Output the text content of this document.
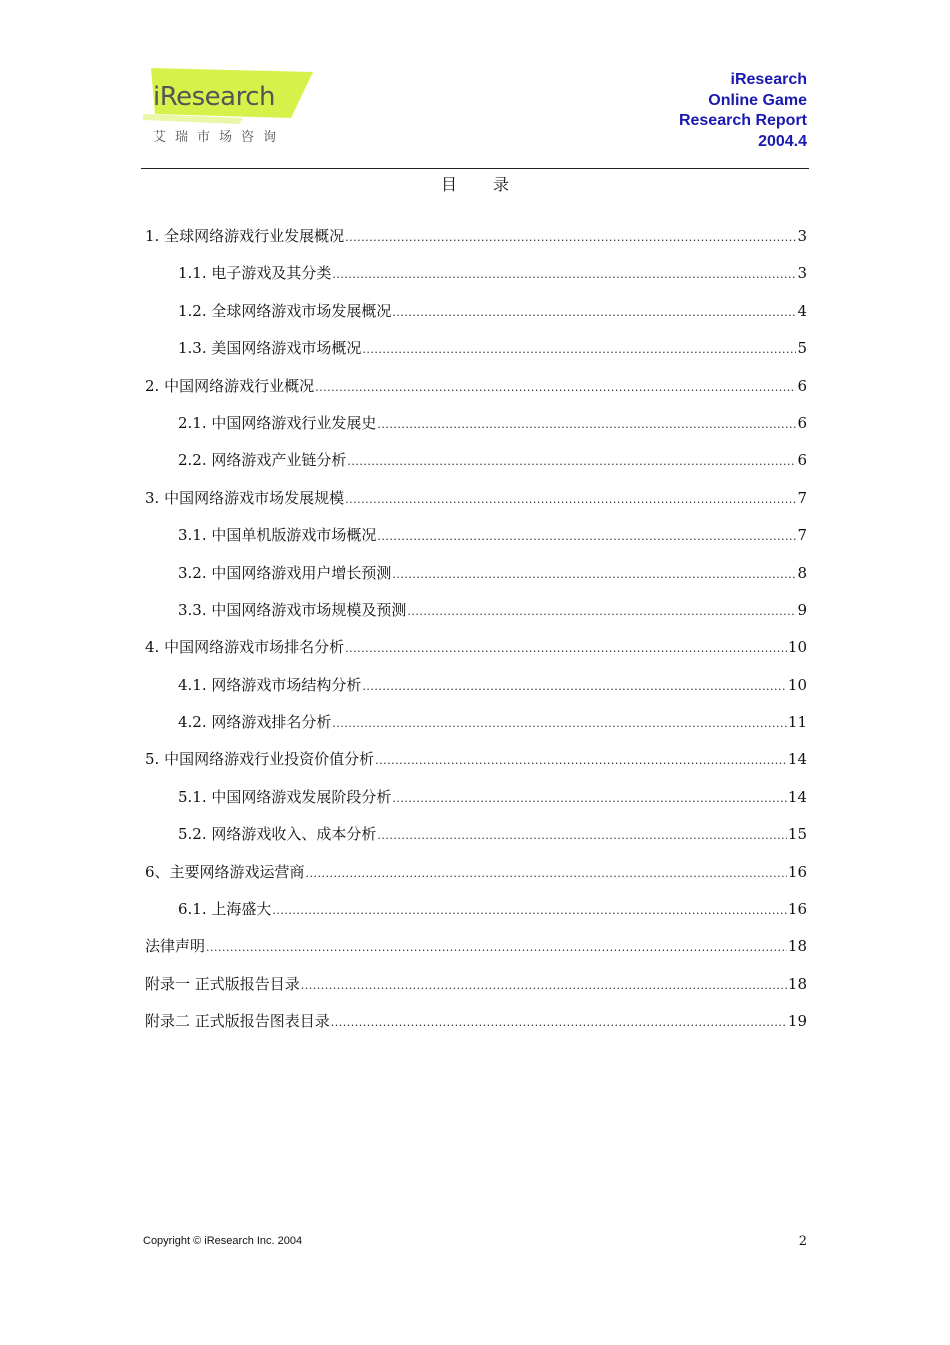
iResearch
艾瑞市场咨询
iResearch
Online Game
Research Report
2004.4
目 录
1. 全球网络游戏行业发展概况 .....	3
1.1. 电子游戏及其分类 .....	3
1.2. 全球网络游戏市场发展概况 .....	4
1.3. 美国网络游戏市场概况 .....	5
2. 中国网络游戏行业概况 .....	6
2.1. 中国网络游戏行业发展史 .....	6
2.2. 网络游戏产业链分析 .....	6
3. 中国网络游戏市场发展规模 .....	7
3.1. 中国单机版游戏市场概况 .....	7
3.2. 中国网络游戏用户增长预测 .....	8
3.3. 中国网络游戏市场规模及预测 .....	9
4. 中国网络游戏市场排名分析 .....	10
4.1. 网络游戏市场结构分析 .....	10
4.2. 网络游戏排名分析 .....	11
5. 中国网络游戏行业投资价值分析 .....	14
5.1. 中国网络游戏发展阶段分析 .....	14
5.2. 网络游戏收入、成本分析 .....	15
6、主要网络游戏运营商 .....	16
6.1. 上海盛大 .....	16
法律声明 .....	18
附录一 正式版报告目录 .....	18
附录二 正式版报告图表目录 .....	19
Copyright © iResearch Inc. 2004	2
